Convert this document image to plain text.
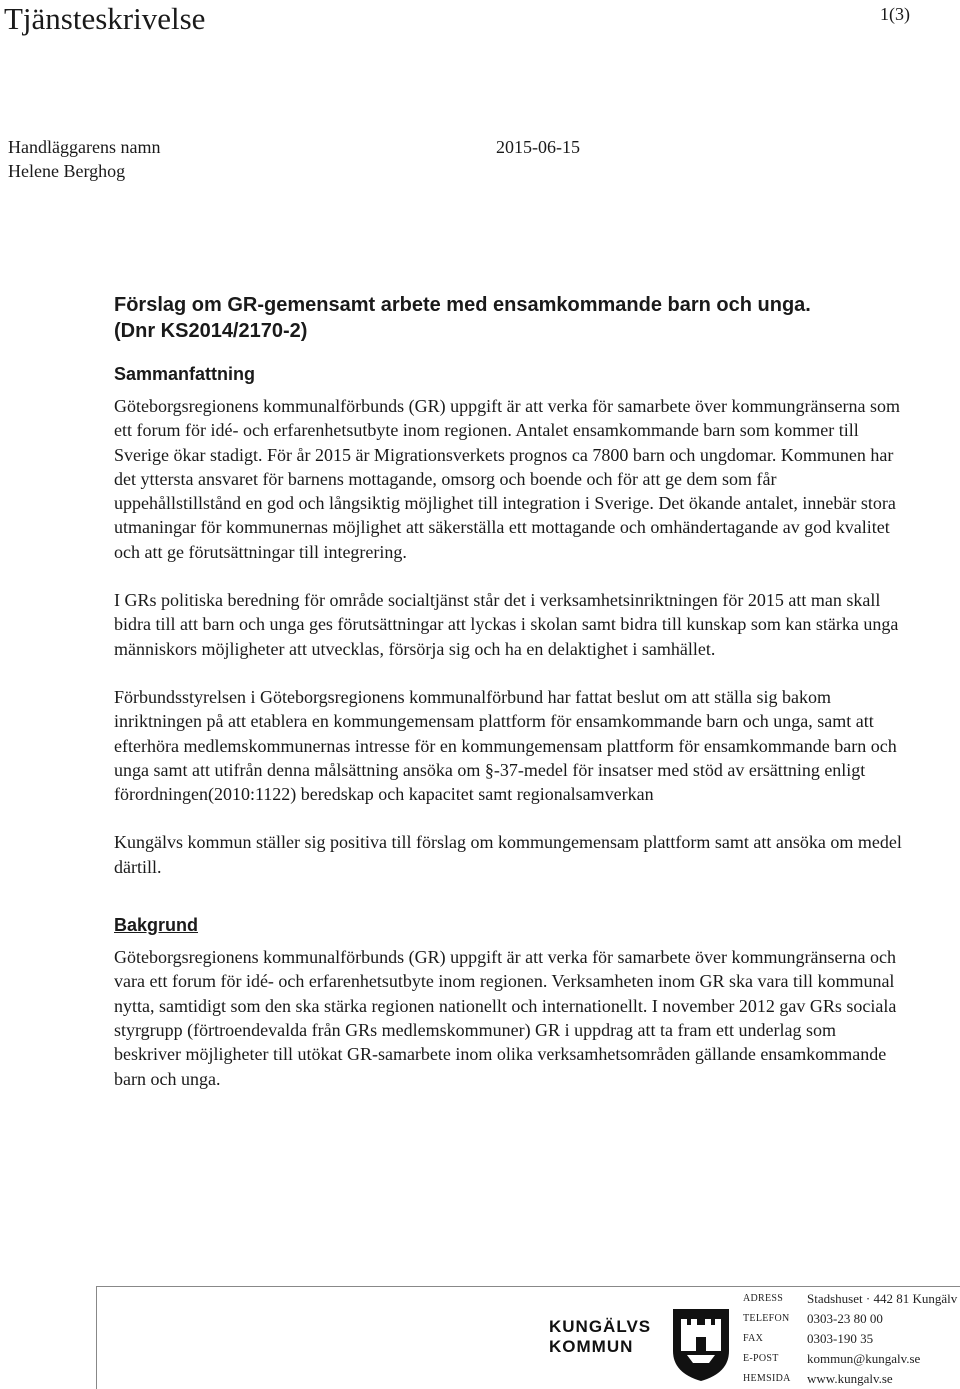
Tjänsteskrivelse	1(3)
Handläggarens namn
Helene Berghog
2015-06-15
Förslag om GR-gemensamt arbete med ensamkommande barn och unga.
(Dnr KS2014/2170-2)
Sammanfattning

Göteborgsregionens kommunalförbunds (GR) uppgift är att verka för samarbete över kommungränserna som ett forum för idé- och erfarenhetsutbyte inom regionen. Antalet ensamkommande barn som kommer till Sverige ökar stadigt. För år 2015 är Migrationsverkets prognos ca 7800 barn och ungdomar. Kommunen har det yttersta ansvaret för barnens mottagande, omsorg och boende och för att ge dem som får uppehållstillstånd en god och långsiktig möjlighet till integration i Sverige. Det ökande antalet, innebär stora utmaningar för kommunernas möjlighet att säkerställa ett mottagande och omhändertagande av god kvalitet och att ge förutsättningar till integrering.

I GRs politiska beredning för område socialtjänst står det i verksamhetsinriktningen för 2015 att man skall bidra till att barn och unga ges förutsättningar att lyckas i skolan samt bidra till kunskap som kan stärka unga människors möjligheter att utvecklas, försörja sig och ha en delaktighet i samhället.

Förbundsstyrelsen i Göteborgsregionens kommunalförbund har fattat beslut om att ställa sig bakom inriktningen på att etablera en kommungemensam plattform för ensamkommande barn och unga, samt att efterhöra medlemskommunernas intresse för en kommungemensam plattform för ensamkommande barn och unga samt att utifrån denna målsättning ansöka om §-37-medel för insatser med stöd av ersättning enligt förordningen(2010:1122) beredskap och kapacitet samt regionalsamverkan

Kungälvs kommun ställer sig positiva till förslag om kommungemensam plattform samt att ansöka om medel därtill.

Bakgrund

Göteborgsregionens kommunalförbunds (GR) uppgift är att verka för samarbete över kommungränserna och vara ett forum för idé- och erfarenhetsutbyte inom regionen. Verksamheten inom GR ska vara till kommunal nytta, samtidigt som den ska stärka regionen nationellt och internationellt. I november 2012 gav GRs sociala styrgrupp (förtroendevalda från GRs medlemskommuner) GR i uppdrag att ta fram ett underlag som beskriver möjligheter till utökat GR-samarbete inom olika verksamhetsområden gällande ensamkommande barn och unga.

KUNGÄLVS
KOMMUN
ADRESS Stadshuset · 442 81 Kungälv
TELEFON 0303-23 80 00
FAX	0303-190 35
E-POST kommun@kungalv.se
HEMSIDA www.kungalv.se
